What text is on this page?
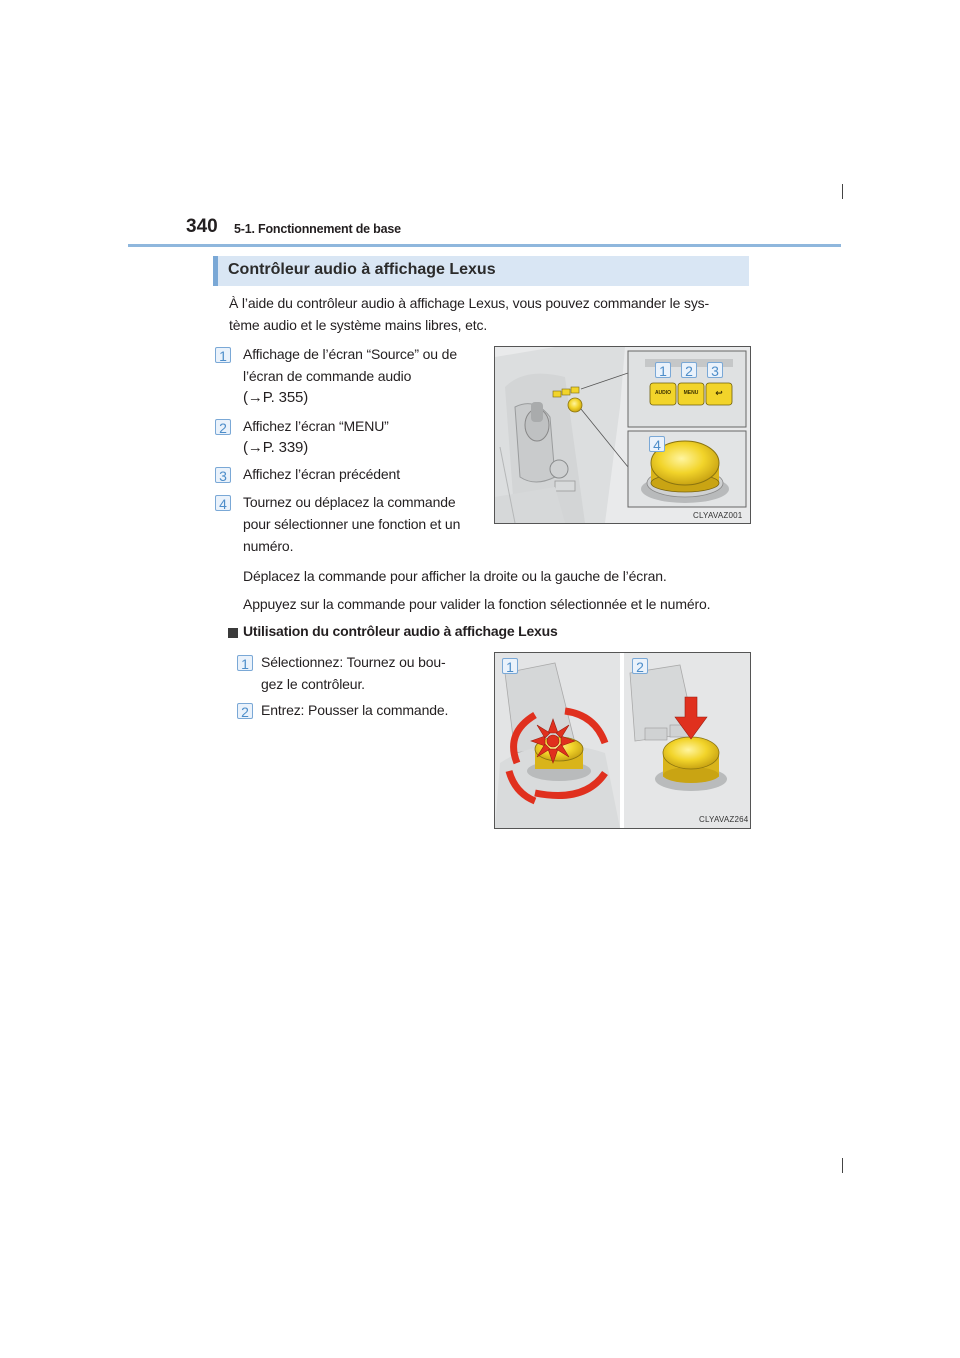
340 5-1. Fonctionnement de base
Contrôleur audio à affichage Lexus
À l’aide du contrôleur audio à affichage Lexus, vous pouvez commander le sys-
tème audio et le système mains libres, etc.
1 Affichage de l’écran “Source” ou de
l’écran de commande audio
(→P. 355)
2 Affichez l’écran “MENU”
(→P. 339)
3 Affichez l’écran précédent
4 Tournez ou déplacez la commande
pour sélectionner une fonction et un
numéro.
Déplacez la commande pour afficher la droite ou la gauche de l’écran.
Appuyez sur la commande pour valider la fonction sélectionnée et le numéro.
Utilisation du contrôleur audio à affichage Lexus
1 Sélectionnez: Tournez ou bou-
gez le contrôleur.
2 Entrez: Pousser la commande.
AUDIO	MENU	↩
1 2 3
4
CLYAVAZ001
1	2
CLYAVAZ264
